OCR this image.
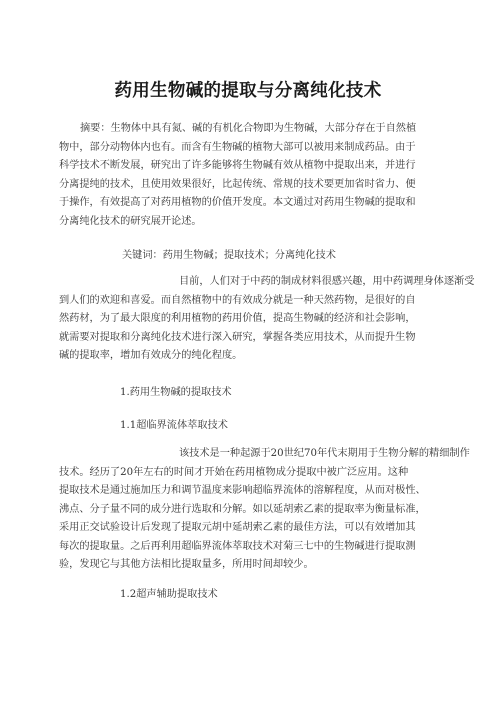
药用生物碱的提取与分离纯化技术
摘要：生物体中具有氮、碱的有机化合物即为生物碱，大部分存在于自然植
物中，部分动物体内也有。而含有生物碱的植物大部可以被用来制成药品。由于
科学技术不断发展，研究出了许多能够将生物碱有效从植物中提取出来，并进行
分离提纯的技术，且使用效果很好，比起传统、常规的技术要更加省时省力、便
于操作，有效提高了对药用植物的价值开发度。本文通过对药用生物碱的提取和
分离纯化技术的研究展开论述。
关键词：药用生物碱；提取技术；分离纯化技术
目前，人们对于中药的制成材料很感兴趣，用中药调理身体逐渐受
到人们的欢迎和喜爱。而自然植物中的有效成分就是一种天然药物，是很好的自
然药材，为了最大限度的利用植物的药用价值，提高生物碱的经济和社会影响，
就需要对提取和分离纯化技术进行深入研究，掌握各类应用技术，从而提升生物
碱的提取率，增加有效成分的纯化程度。
1.药用生物碱的提取技术
1.1超临界流体萃取技术
该技术是一种起源于20世纪70年代末期用于生物分解的精细制作
技术。经历了20年左右的时间才开始在药用植物成分提取中被广泛应用。这种
提取技术是通过施加压力和调节温度来影响超临界流体的溶解程度，从而对极性、
沸点、分子量不同的成分进行选取和分解。如以延胡索乙素的提取率为衡量标准，
采用正交试验设计后发现了提取元胡中延胡索乙素的最佳方法，可以有效增加其
每次的提取量。之后再利用超临界流体萃取技术对菊三七中的生物碱进行提取测
验，发现它与其他方法相比提取量多，所用时间却较少。
1.2超声辅助提取技术
